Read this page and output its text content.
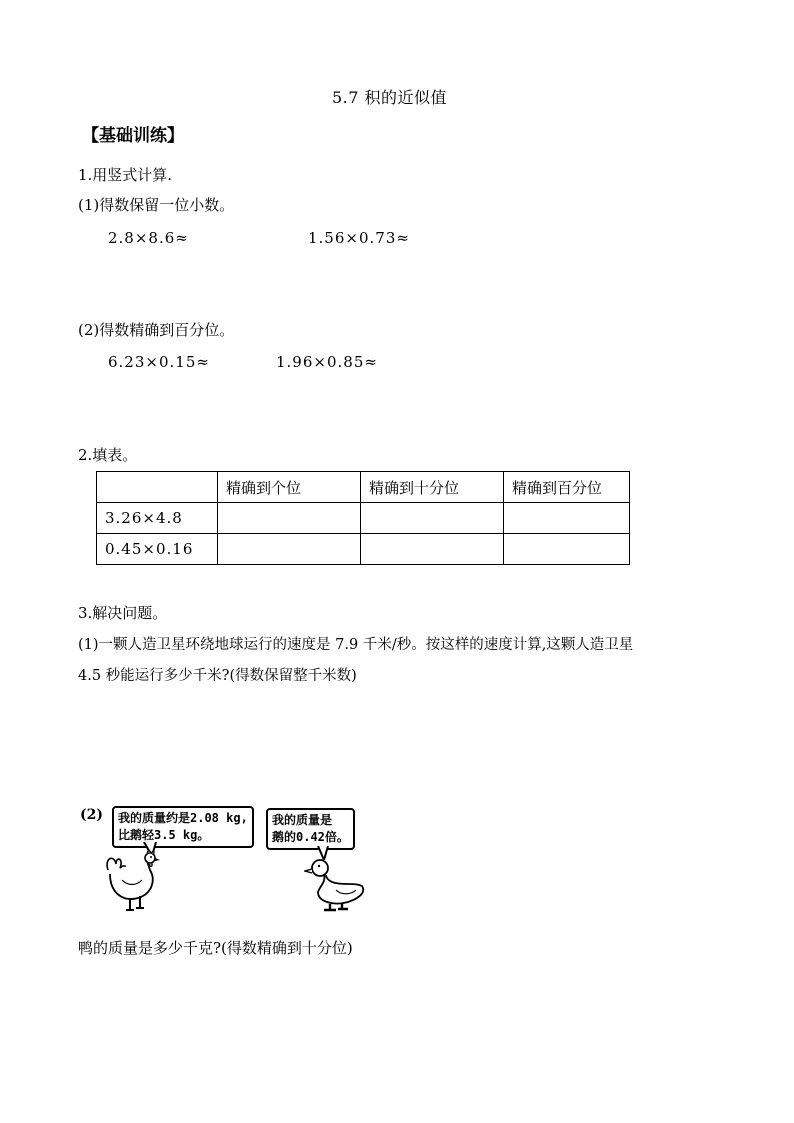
5.7 积的近似值
【基础训练】
1.用竖式计算.
(1)得数保留一位小数。
2.8×8.6≈	1.56×0.73≈
(2)得数精确到百分位。
6.23×0.15≈	1.96×0.85≈
2.填表。
	精确到个位	精确到十分位	精确到百分位
3.26×4.8			
0.45×0.16			
3.解决问题。
(1)一颗人造卫星环绕地球运行的速度是 7.9 千米/秒。按这样的速度计算,这颗人造卫星
4.5 秒能运行多少千米?(得数保留整千米数)
(2) 我的质量约是2.08 kg,
比鹅轻3.5 kg。
我的质量是
鹅的0.42倍。
鸭的质量是多少千克?(得数精确到十分位)
